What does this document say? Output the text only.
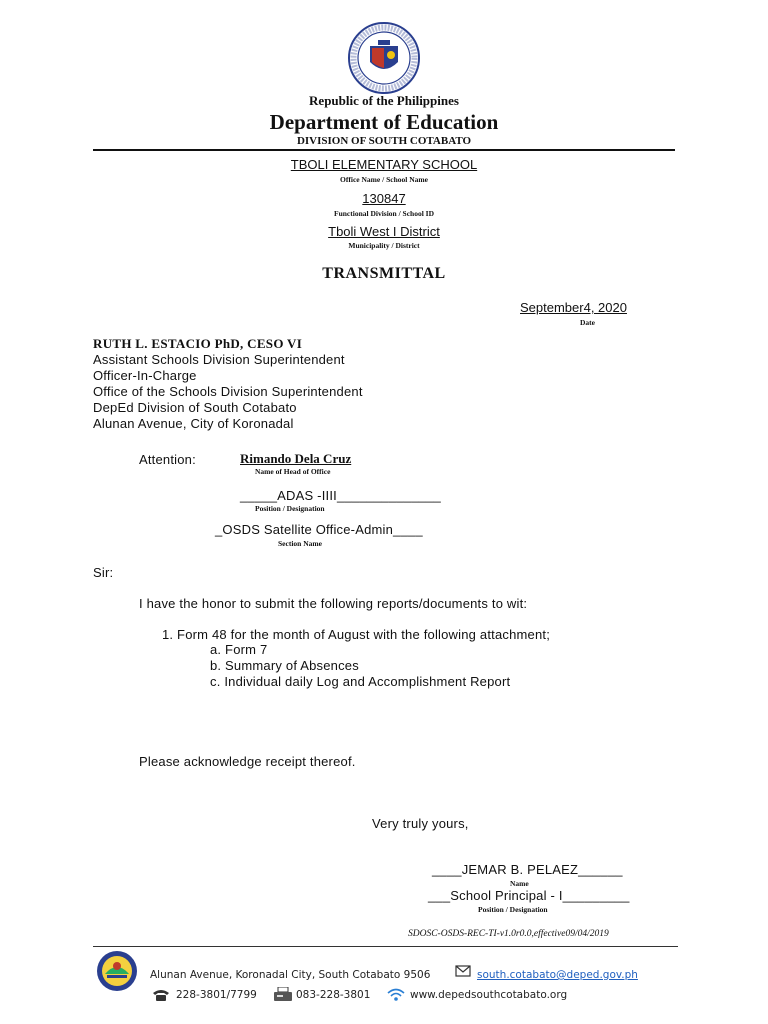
Republic of the Philippines
Department of Education
DIVISION OF SOUTH COTABATO
TBOLI ELEMENTARY SCHOOL
Office Name / School Name
130847
Functional Division / School ID
Tboli West I District
Municipality / District
TRANSMITTAL
September4, 2020
Date
RUTH L. ESTACIO PhD, CESO VI

Assistant Schools Division Superintendent

Officer-In-Charge

Office of the Schools Division Superintendent

DepEd Division of South Cotabato

Alunan Avenue, City of Koronadal

Attention:	Rimando Dela Cruz
Name of Head of Office
_____ADAS -IIII______________
Position / Designation
_OSDS Satellite Office-Admin____
Section Name
Sir:
I have the honor to submit the following reports/documents to wit:
1. Form 48 for the month of August with the following attachment;
a. Form 7
b. Summary of Absences
c. Individual daily Log and Accomplishment Report
Please acknowledge receipt thereof.
Very truly yours,
____JEMAR B. PELAEZ______
Name
___School Principal - I_________
Position / Designation
SDOSC-OSDS-REC-TI-v1.0r0.0,effective09/04/2019
Alunan Avenue, Koronadal City, South Cotabato 9506	south.cotabato@deped.gov.ph
228-3801/7799	083-228-3801	www.depedsouthcotabato.org
